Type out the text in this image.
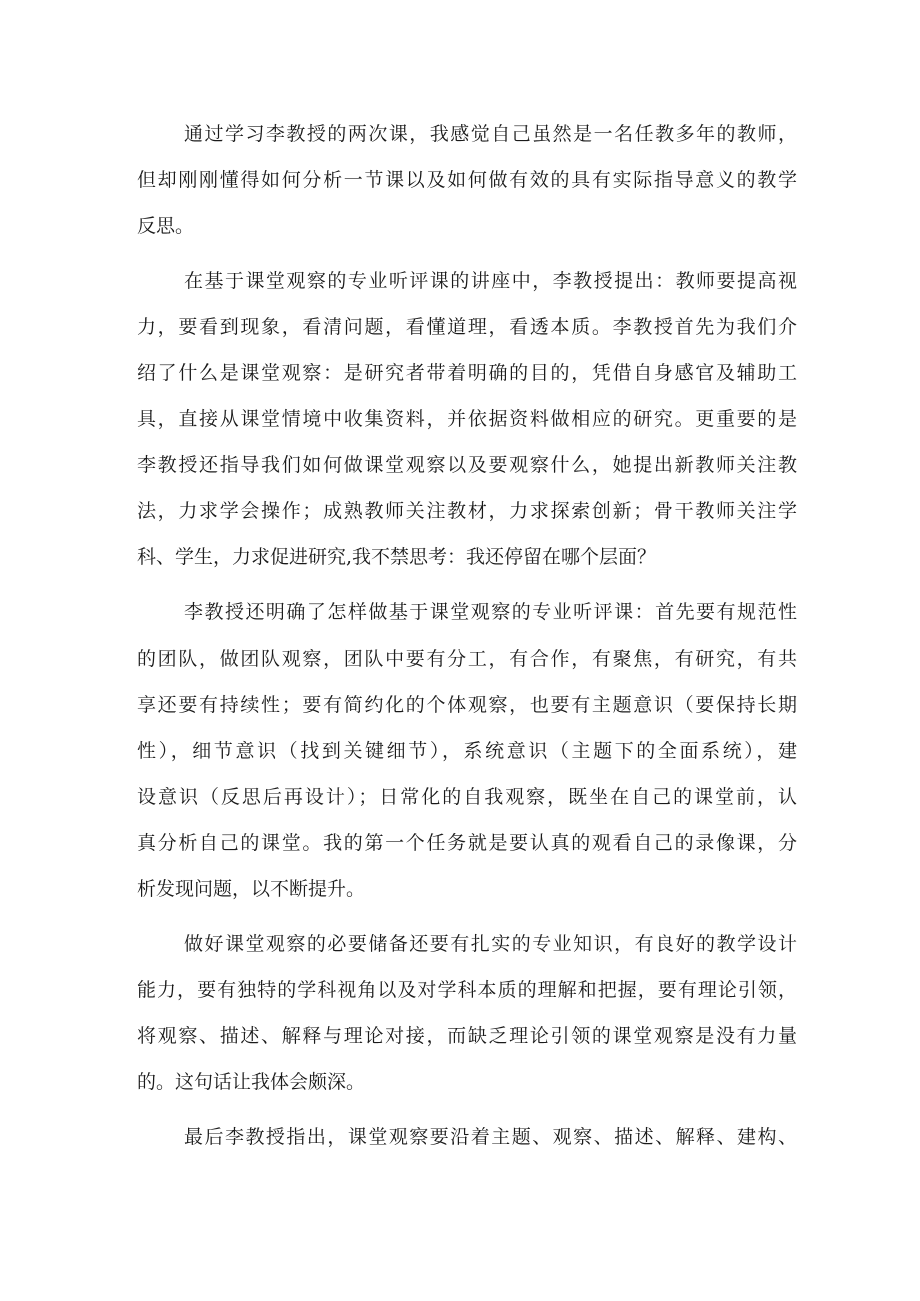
通过学习李教授的两次课，我感觉自己虽然是一名任教多年的教师，
但却刚刚懂得如何分析一节课以及如何做有效的具有实际指导意义的教学
反思。
在基于课堂观察的专业听评课的讲座中，李教授提出：教师要提高视
力，要看到现象，看清问题，看懂道理，看透本质。李教授首先为我们介
绍了什么是课堂观察：是研究者带着明确的目的，凭借自身感官及辅助工
具，直接从课堂情境中收集资料，并依据资料做相应的研究。更重要的是
李教授还指导我们如何做课堂观察以及要观察什么，她提出新教师关注教
法，力求学会操作；成熟教师关注教材，力求探索创新；骨干教师关注学
科、学生，力求促进研究,我不禁思考：我还停留在哪个层面？
李教授还明确了怎样做基于课堂观察的专业听评课：首先要有规范性
的团队，做团队观察，团队中要有分工，有合作，有聚焦，有研究，有共
享还要有持续性；要有简约化的个体观察，也要有主题意识（要保持长期
性），细节意识（找到关键细节），系统意识（主题下的全面系统），建
设意识（反思后再设计）；日常化的自我观察，既坐在自己的课堂前，认
真分析自己的课堂。我的第一个任务就是要认真的观看自己的录像课，分
析发现问题，以不断提升。
做好课堂观察的必要储备还要有扎实的专业知识，有良好的教学设计
能力，要有独特的学科视角以及对学科本质的理解和把握，要有理论引领，
将观察、描述、解释与理论对接，而缺乏理论引领的课堂观察是没有力量
的。这句话让我体会颇深。
最后李教授指出，课堂观察要沿着主题、观察、描述、解释、建构、
